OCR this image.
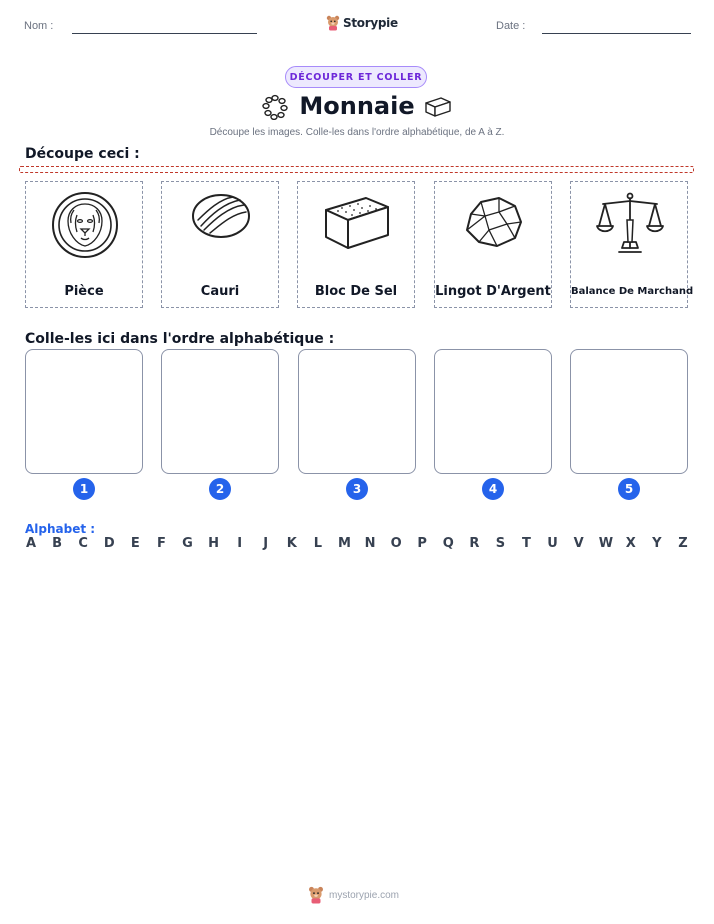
Nom :	Storypie	Date :
DÉCOUPER ET COLLER
Monnaie
Découpe les images. Colle-les dans l'ordre alphabétique, de A à Z.
Découpe ceci :
Pièce	Cauri	Bloc De Sel	Lingot D'Argent Balance De Marchand
Colle-les ici dans l'ordre alphabétique :
1	2	3	4	5
Alphabet :
A B C D E F G H I J K L M N O P Q R S T U V W X Y Z
mystorypie.com
